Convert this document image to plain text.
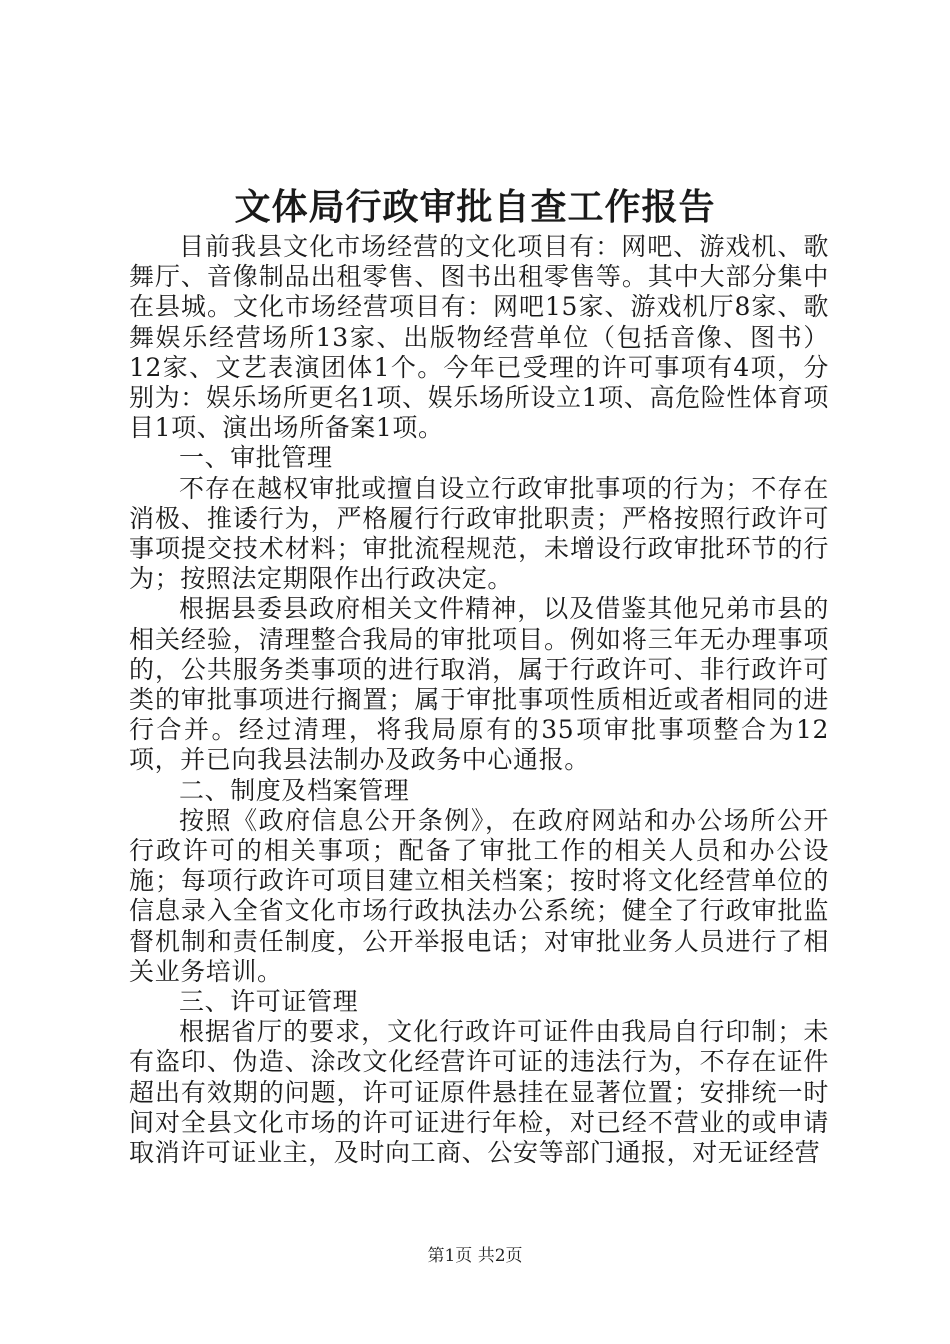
文体局行政审批自查工作报告

目前我县文化市场经营的文化项目有：网吧、游戏机、歌舞厅、音像制品出租零售、图书出租零售等。其中大部分集中在县城。文化市场经营项目有：网吧15家、游戏机厅8家、歌舞娱乐经营场所13家、出版物经营单位（包括音像、图书）12家、文艺表演团体1个。今年已受理的许可事项有4项，分别为：娱乐场所更名1项、娱乐场所设立1项、高危险性体育项目1项、演出场所备案1项。

一、审批管理

不存在越权审批或擅自设立行政审批事项的行为；不存在消极、推诿行为，严格履行行政审批职责；严格按照行政许可事项提交技术材料；审批流程规范，未增设行政审批环节的行为；按照法定期限作出行政决定。

根据县委县政府相关文件精神，以及借鉴其他兄弟市县的相关经验，清理整合我局的审批项目。例如将三年无办理事项的，公共服务类事项的进行取消，属于行政许可、非行政许可类的审批事项进行搁置；属于审批事项性质相近或者相同的进行合并。经过清理，将我局原有的35项审批事项整合为12项，并已向我县法制办及政务中心通报。

二、制度及档案管理

按照《政府信息公开条例》，在政府网站和办公场所公开行政许可的相关事项；配备了审批工作的相关人员和办公设施；每项行政许可项目建立相关档案；按时将文化经营单位的信息录入全省文化市场行政执法办公系统；健全了行政审批监督机制和责任制度，公开举报电话；对审批业务人员进行了相关业务培训。

三、许可证管理

根据省厅的要求，文化行政许可证件由我局自行印制；未有盗印、伪造、涂改文化经营许可证的违法行为，不存在证件超出有效期的问题，许可证原件悬挂在显著位置；安排统一时间对全县文化市场的许可证进行年检，对已经不营业的或申请取消许可证业主，及时向工商、公安等部门通报，对无证经营

第1页 共2页
